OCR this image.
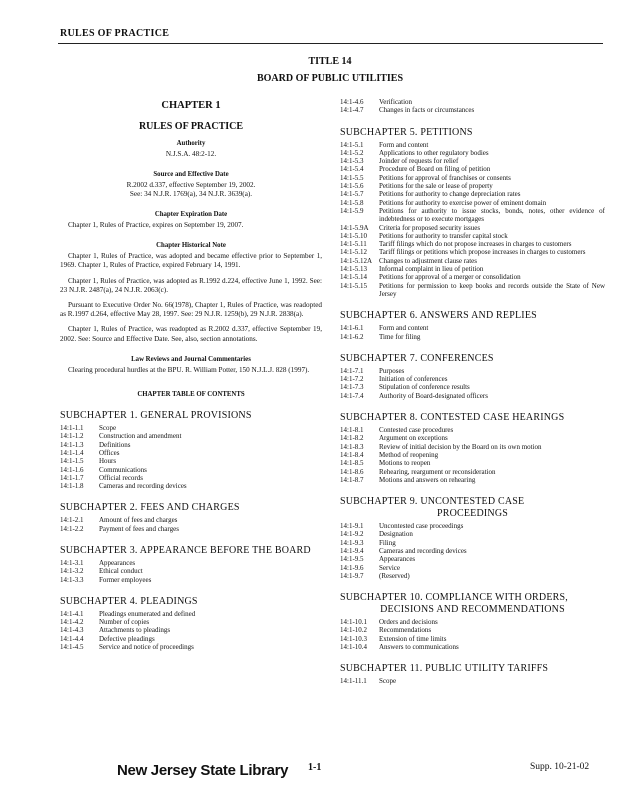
RULES OF PRACTICE
TITLE 14
BOARD OF PUBLIC UTILITIES
CHAPTER 1
RULES OF PRACTICE
Authority
N.J.S.A. 48:2-12.
Source and Effective Date
R.2002 d.337, effective September 19, 2002.
See: 34 N.J.R. 1769(a), 34 N.J.R. 3639(a).
Chapter Expiration Date
Chapter 1, Rules of Practice, expires on September 19, 2007.
Chapter Historical Note
Chapter 1, Rules of Practice, was adopted and became effective prior to September 1, 1969. Chapter 1, Rules of Practice, expired February 14, 1991.
Chapter 1, Rules of Practice, was adopted as R.1992 d.224, effective June 1, 1992. See: 23 N.J.R. 2487(a), 24 N.J.R. 2063(c).
Pursuant to Executive Order No. 66(1978), Chapter 1, Rules of Practice, was readopted as R.1997 d.264, effective May 28, 1997. See: 29 N.J.R. 1259(b), 29 N.J.R. 2838(a).
Chapter 1, Rules of Practice, was readopted as R.2002 d.337, effective September 19, 2002. See: Source and Effective Date. See, also, section annotations.
Law Reviews and Journal Commentaries
Clearing procedural hurdles at the BPU. R. William Potter, 150 N.J.L.J. 828 (1997).
CHAPTER TABLE OF CONTENTS
SUBCHAPTER 1. GENERAL PROVISIONS
14:1-1.1	Scope
14:1-1.2	Construction and amendment
14:1-1.3	Definitions
14:1-1.4	Offices
14:1-1.5	Hours
14:1-1.6	Communications
14:1-1.7	Official records
14:1-1.8	Cameras and recording devices
SUBCHAPTER 2. FEES AND CHARGES
14:1-2.1	Amount of fees and charges
14:1-2.2	Payment of fees and charges
SUBCHAPTER 3. APPEARANCE BEFORE THE BOARD
14:1-3.1	Appearances
14:1-3.2	Ethical conduct
14:1-3.3	Former employees
SUBCHAPTER 4. PLEADINGS
14:1-4.1	Pleadings enumerated and defined
14:1-4.2	Number of copies
14:1-4.3	Attachments to pleadings
14:1-4.4	Defective pleadings
14:1-4.5	Service and notice of proceedings
14:1-4.6	Verification
14:1-4.7	Changes in facts or circumstances
SUBCHAPTER 5. PETITIONS
14:1-5.1	Form and content
14:1-5.2	Applications to other regulatory bodies
14:1-5.3	Joinder of requests for relief
14:1-5.4	Procedure of Board on filing of petition
14:1-5.5	Petitions for approval of franchises or consents
14:1-5.6	Petitions for the sale or lease of property
14:1-5.7	Petitions for authority to change depreciation rates
14:1-5.8	Petitions for authority to exercise power of eminent domain
14:1-5.9	Petitions for authority to issue stocks, bonds, notes, other evidence of indebtedness or to execute mortgages
14:1-5.9A	Criteria for proposed security issues
14:1-5.10	Petitions for authority to transfer capital stock
14:1-5.11	Tariff filings which do not propose increases in charges to customers
14:1-5.12	Tariff filings or petitions which propose increases in charges to customers
14:1-5.12A Changes to adjustment clause rates
14:1-5.13	Informal complaint in lieu of petition
14:1-5.14	Petitions for approval of a merger or consolidation
14:1-5.15	Petitions for permission to keep books and records outside the State of New Jersey
SUBCHAPTER 6. ANSWERS AND REPLIES
14:1-6.1	Form and content
14:1-6.2	Time for filing
SUBCHAPTER 7. CONFERENCES
14:1-7.1	Purposes
14:1-7.2	Initiation of conferences
14:1-7.3	Stipulation of conference results
14:1-7.4	Authority of Board-designated officers
SUBCHAPTER 8. CONTESTED CASE HEARINGS
14:1-8.1	Contested case procedures
14:1-8.2	Argument on exceptions
14:1-8.3	Review of initial decision by the Board on its own motion
14:1-8.4	Method of reopening
14:1-8.5	Motions to reopen
14:1-8.6	Rehearing, reargument or reconsideration
14:1-8.7	Motions and answers on rehearing
SUBCHAPTER 9. UNCONTESTED CASE
PROCEEDINGS
14:1-9.1	Uncontested case proceedings
14:1-9.2	Designation
14:1-9.3	Filing
14:1-9.4	Cameras and recording devices
14:1-9.5	Appearances
14:1-9.6	Service
14:1-9.7	(Reserved)
SUBCHAPTER 10. COMPLIANCE WITH ORDERS,
DECISIONS AND RECOMMENDATIONS
14:1-10.1	Orders and decisions
14:1-10.2	Recommendations
14:1-10.3	Extension of time limits
14:1-10.4	Answers to communications
SUBCHAPTER 11. PUBLIC UTILITY TARIFFS
14:1-11.1	Scope
New Jersey State Library 1-1	Supp. 10-21-02
